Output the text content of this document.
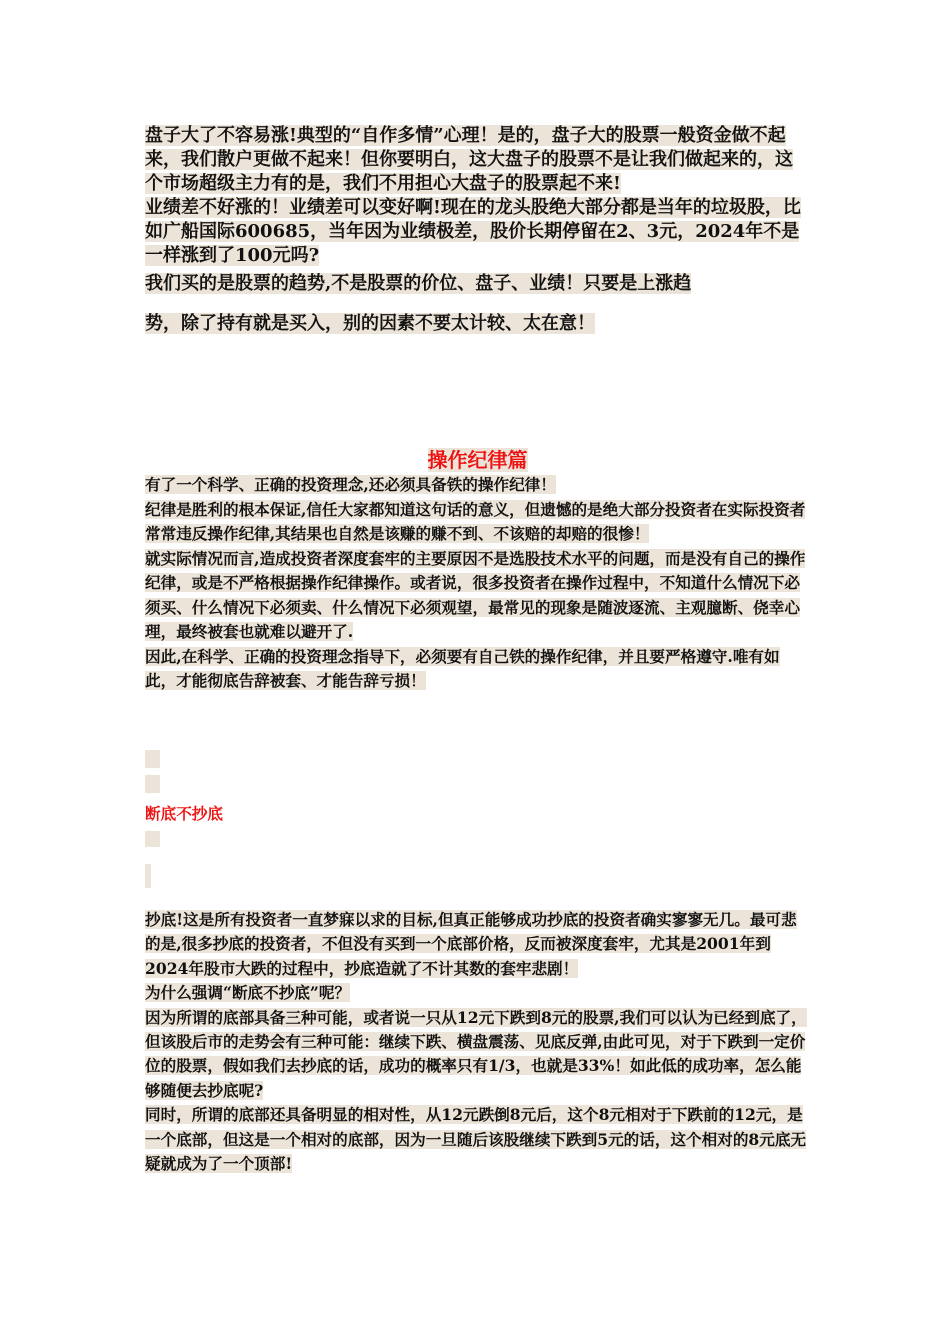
盘子大了不容易涨!典型的“自作多情”心理！是的，盘子大的股票一般资金做不起来，我们散户更做不起来！但你要明白，这大盘子的股票不是让我们做起来的，这个市场超级主力有的是，我们不用担心大盘子的股票起不来!

业绩差不好涨的！业绩差可以变好啊!现在的龙头股绝大部分都是当年的垃圾股，比如广船国际600685，当年因为业绩极差，股价长期停留在2、3元，2024年不是一样涨到了100元吗?

我们买的是股票的趋势,不是股票的价位、盘子、业绩！只要是上涨趋

势，除了持有就是买入，别的因素不要太计较、太在意！

操作纪律篇

有了一个科学、正确的投资理念,还必须具备铁的操作纪律！

纪律是胜利的根本保证,信任大家都知道这句话的意义，但遗憾的是绝大部分投资者在实际投资者常常违反操作纪律,其结果也自然是该赚的赚不到、不该赔的却赔的很惨！

就实际情况而言,造成投资者深度套牢的主要原因不是选股技术水平的问题，而是没有自己的操作纪律，或是不严格根据操作纪律操作。或者说，很多投资者在操作过程中，不知道什么情况下必须买、什么情况下必须卖、什么情况下必须观望，最常见的现象是随波逐流、主观臆断、侥幸心理，最终被套也就难以避开了.

因此,在科学、正确的投资理念指导下，必须要有自己铁的操作纪律，并且要严格遵守.唯有如此，才能彻底告辞被套、才能告辞亏损！

断底不抄底

抄底!这是所有投资者一直梦寐以求的目标,但真正能够成功抄底的投资者确实寥寥无几。最可悲的是,很多抄底的投资者，不但没有买到一个底部价格，反而被深度套牢，尤其是2001年到2024年股市大跌的过程中，抄底造就了不计其数的套牢悲剧！

为什么强调“断底不抄底”呢？

因为所谓的底部具备三种可能，或者说一只从12元下跌到8元的股票,我们可以认为已经到底了，但该股后市的走势会有三种可能：继续下跌、横盘震荡、见底反弹,由此可见，对于下跌到一定价位的股票，假如我们去抄底的话，成功的概率只有1/3，也就是33%！如此低的成功率，怎么能够随便去抄底呢?

同时，所谓的底部还具备明显的相对性，从12元跌倒8元后，这个8元相对于下跌前的12元，是一个底部，但这是一个相对的底部，因为一旦随后该股继续下跌到5元的话，这个相对的8元底无疑就成为了一个顶部!
